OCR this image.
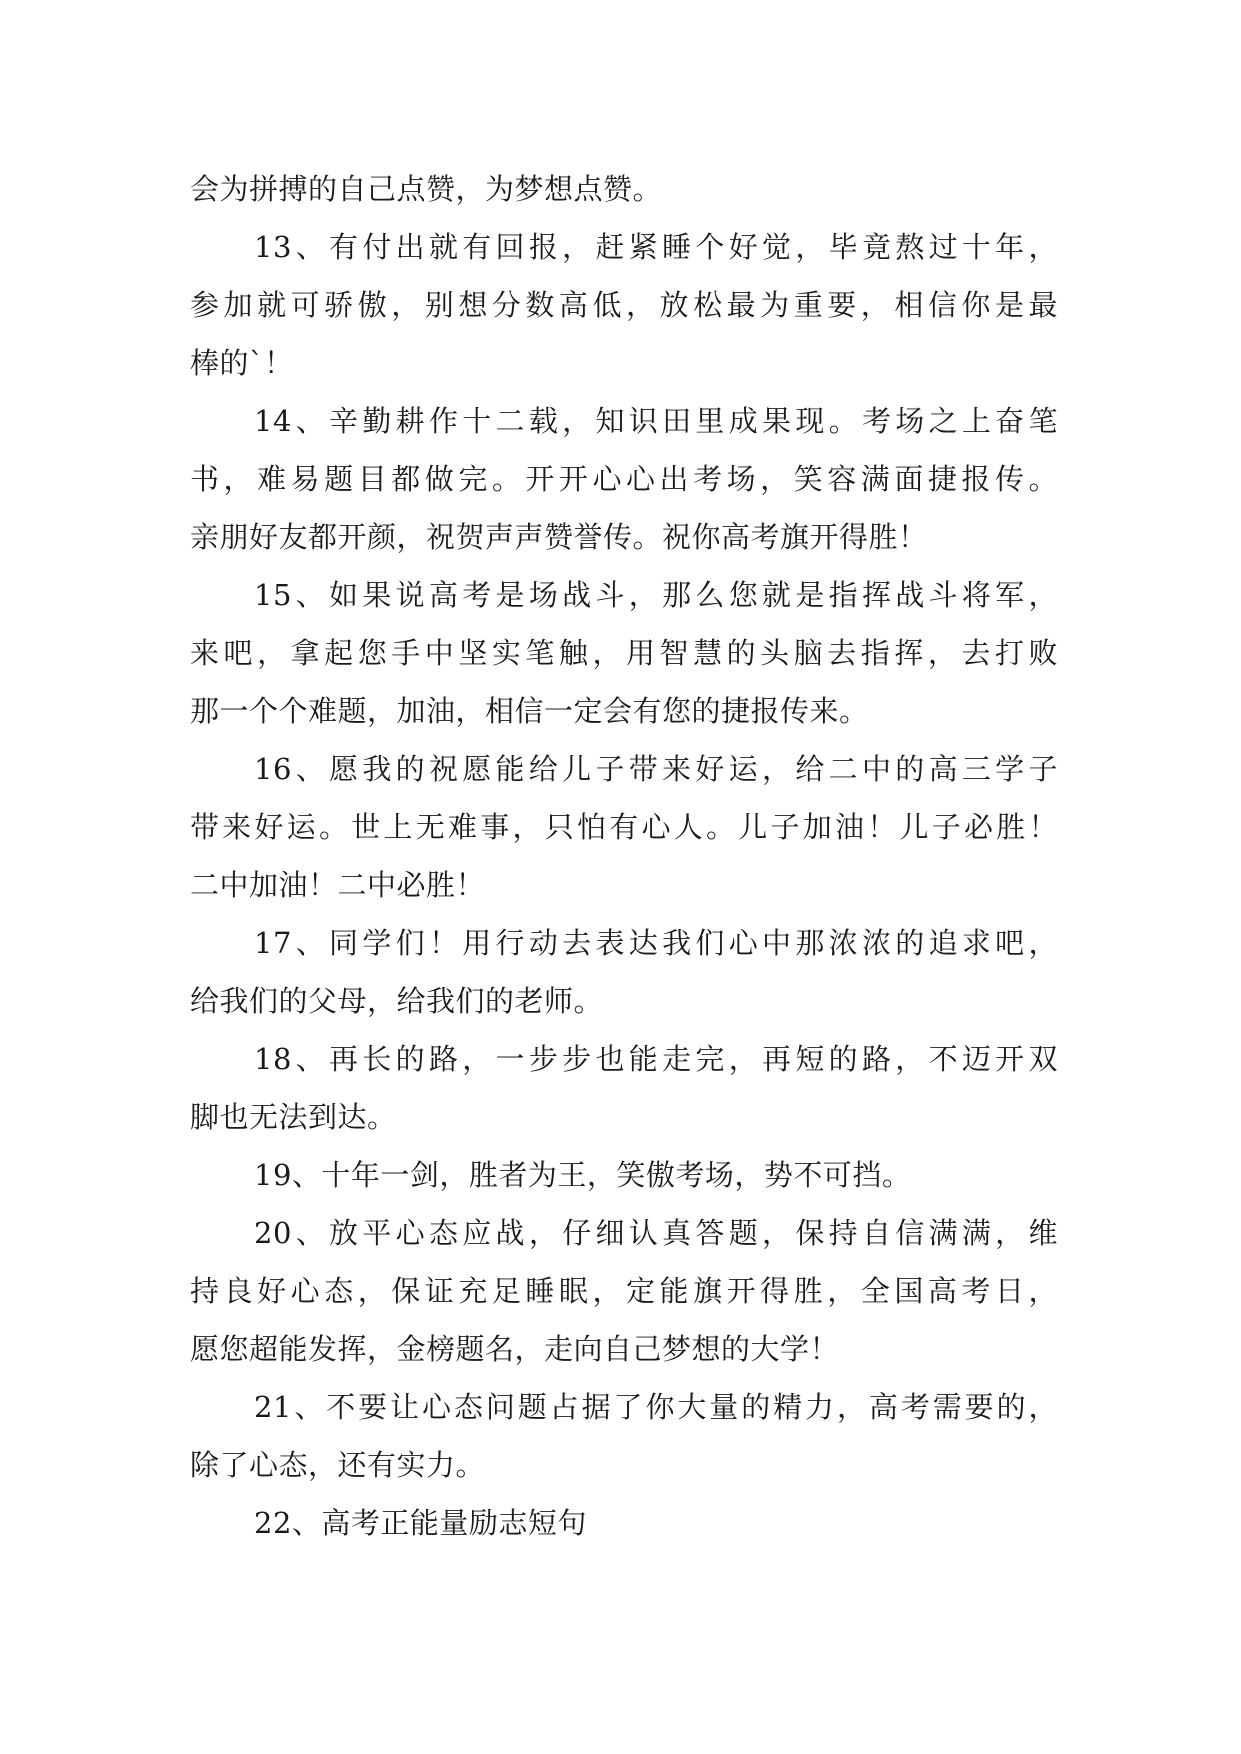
会为拼搏的自己点赞，为梦想点赞。
13、有付出就有回报，赶紧睡个好觉，毕竟熬过十年，
参加就可骄傲，别想分数高低，放松最为重要，相信你是最
棒的`！
14、辛勤耕作十二载，知识田里成果现。考场之上奋笔
书，难易题目都做完。开开心心出考场，笑容满面捷报传。
亲朋好友都开颜，祝贺声声赞誉传。祝你高考旗开得胜！
15、如果说高考是场战斗，那么您就是指挥战斗将军，
来吧，拿起您手中坚实笔触，用智慧的头脑去指挥，去打败
那一个个难题，加油，相信一定会有您的捷报传来。
16、愿我的祝愿能给儿子带来好运，给二中的高三学子
带来好运。世上无难事，只怕有心人。儿子加油！儿子必胜！
二中加油！二中必胜！
17、同学们！用行动去表达我们心中那浓浓的追求吧，
给我们的父母，给我们的老师。
18、再长的路，一步步也能走完，再短的路，不迈开双
脚也无法到达。
19、十年一剑，胜者为王，笑傲考场，势不可挡。
20、放平心态应战，仔细认真答题，保持自信满满，维
持良好心态，保证充足睡眠，定能旗开得胜，全国高考日，
愿您超能发挥，金榜题名，走向自己梦想的大学！
21、不要让心态问题占据了你大量的精力，高考需要的，
除了心态，还有实力。
22、高考正能量励志短句
